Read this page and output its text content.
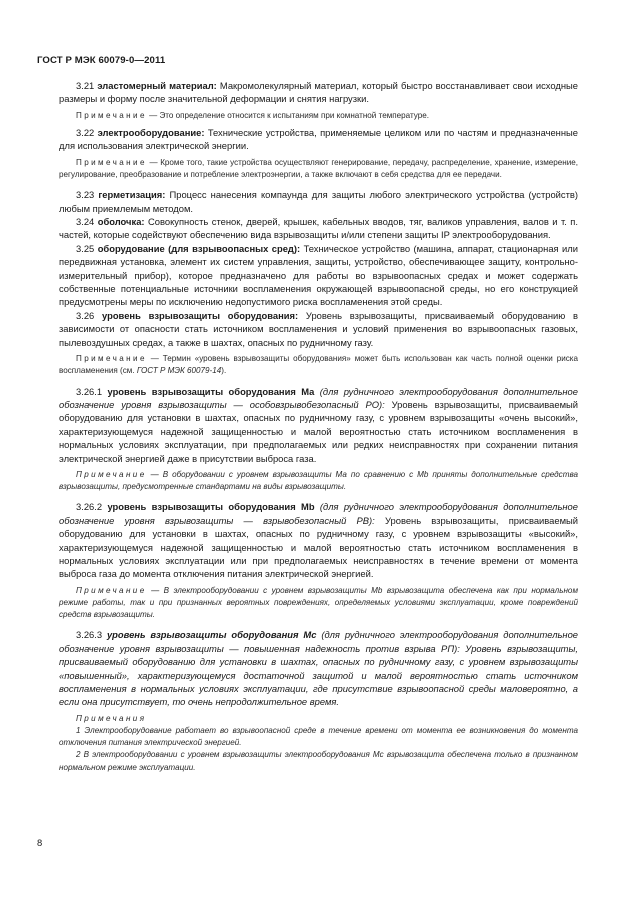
ГОСТ Р МЭК 60079-0—2011

3.21 эластомерный материал: Макромолекулярный материал, который быстро восстанавливает свои исходные размеры и форму после значительной деформации и снятия нагрузки.

Примечание — Это определение относится к испытаниям при комнатной температуре.

3.22 электрооборудование: Технические устройства, применяемые целиком или по частям и предназначенные для использования электрической энергии.

Примечание — Кроме того, такие устройства осуществляют генерирование, передачу, распределение, хранение, измерение, регулирование, преобразование и потребление электроэнергии, а также включают в себя средства для ее передачи.

3.23 герметизация: Процесс нанесения компаунда для защиты любого электрического устройства (устройств) любым приемлемым методом.

3.24 оболочка: Совокупность стенок, дверей, крышек, кабельных вводов, тяг, валиков управления, валов и т. п. частей, которые содействуют обеспечению вида взрывозащиты и/или степени защиты IP электрооборудования.

3.25 оборудование (для взрывоопасных сред): Техническое устройство (машина, аппарат, стационарная или передвижная установка, элемент их систем управления, защиты, устройство, обеспечивающее защиту, контрольно-измерительный прибор), которое предназначено для работы во взрывоопасных средах и может содержать собственные потенциальные источники воспламенения окружающей взрывоопасной среды, но его конструкцией предусмотрены меры по исключению недопустимого риска воспламенения этой среды.

3.26 уровень взрывозащиты оборудования: Уровень взрывозащиты, присваиваемый оборудованию в зависимости от опасности стать источником воспламенения и условий применения во взрывоопасных газовых, пылевоздушных средах, а также в шахтах, опасных по рудничному газу.

Примечание — Термин «уровень взрывозащиты оборудования» может быть использован как часть полной оценки риска воспламенения (см. ГОСТ Р МЭК 60079-14).

3.26.1 уровень взрывозащиты оборудования Ма (для рудничного электрооборудования дополнительное обозначение уровня взрывозащиты — особовзрывобезопасный РО): Уровень взрывозащиты, присваиваемый оборудованию для установки в шахтах, опасных по рудничному газу, с уровнем взрывозащиты «очень высокий», характеризующемуся надежной защищенностью и малой вероятностью стать источником воспламенения в нормальных условиях эксплуатации, при предполагаемых или редких неисправностях при сохранении питания электрической энергией даже в присутствии выброса газа.

Примечание — В оборудовании с уровнем взрывозащиты Ма по сравнению с Mb приняты дополнительные средства взрывозащиты, предусмотренные стандартами на виды взрывозащиты.

3.26.2 уровень взрывозащиты оборудования Mb (для рудничного электрооборудования дополнительное обозначение уровня взрывозащиты — взрывобезопасный РВ): Уровень взрывозащиты, присваиваемый оборудованию для установки в шахтах, опасных по рудничному газу, с уровнем взрывозащиты «высокий», характеризующемуся надежной защищенностью и малой вероятностью стать источником воспламенения в нормальных условиях эксплуатации или при предполагаемых неисправностях в течение времени от момента выброса газа до момента отключения питания электрической энергией.

Примечание — В электрооборудовании с уровнем взрывозащиты Mb взрывозащита обеспечена как при нормальном режиме работы, так и при признанных вероятных повреждениях, определяемых условиями эксплуатации, кроме повреждений средств взрывозащиты.

3.26.3 уровень взрывозащиты оборудования Мс (для рудничного электрооборудования дополнительное обозначение уровня взрывозащиты — повышенная надежность против взрыва РП): Уровень взрывозащиты, присваиваемый оборудованию для установки в шахтах, опасных по рудничному газу, с уровнем взрывозащиты «повышенный», характеризующемуся достаточной защитой и малой вероятностью стать источником воспламенения в нормальных условиях эксплуатации, где присутствие взрывоопасной среды маловероятно, а если она присутствует, то очень непродолжительное время.

Примечания

1 Электрооборудование работает во взрывоопасной среде в течение времени от момента ее возникновения до момента отключения питания электрической энергией.

2 В электрооборудовании с уровнем взрывозащиты электрооборудования Мс взрывозащита обеспечена только в признанном нормальном режиме эксплуатации.

8
